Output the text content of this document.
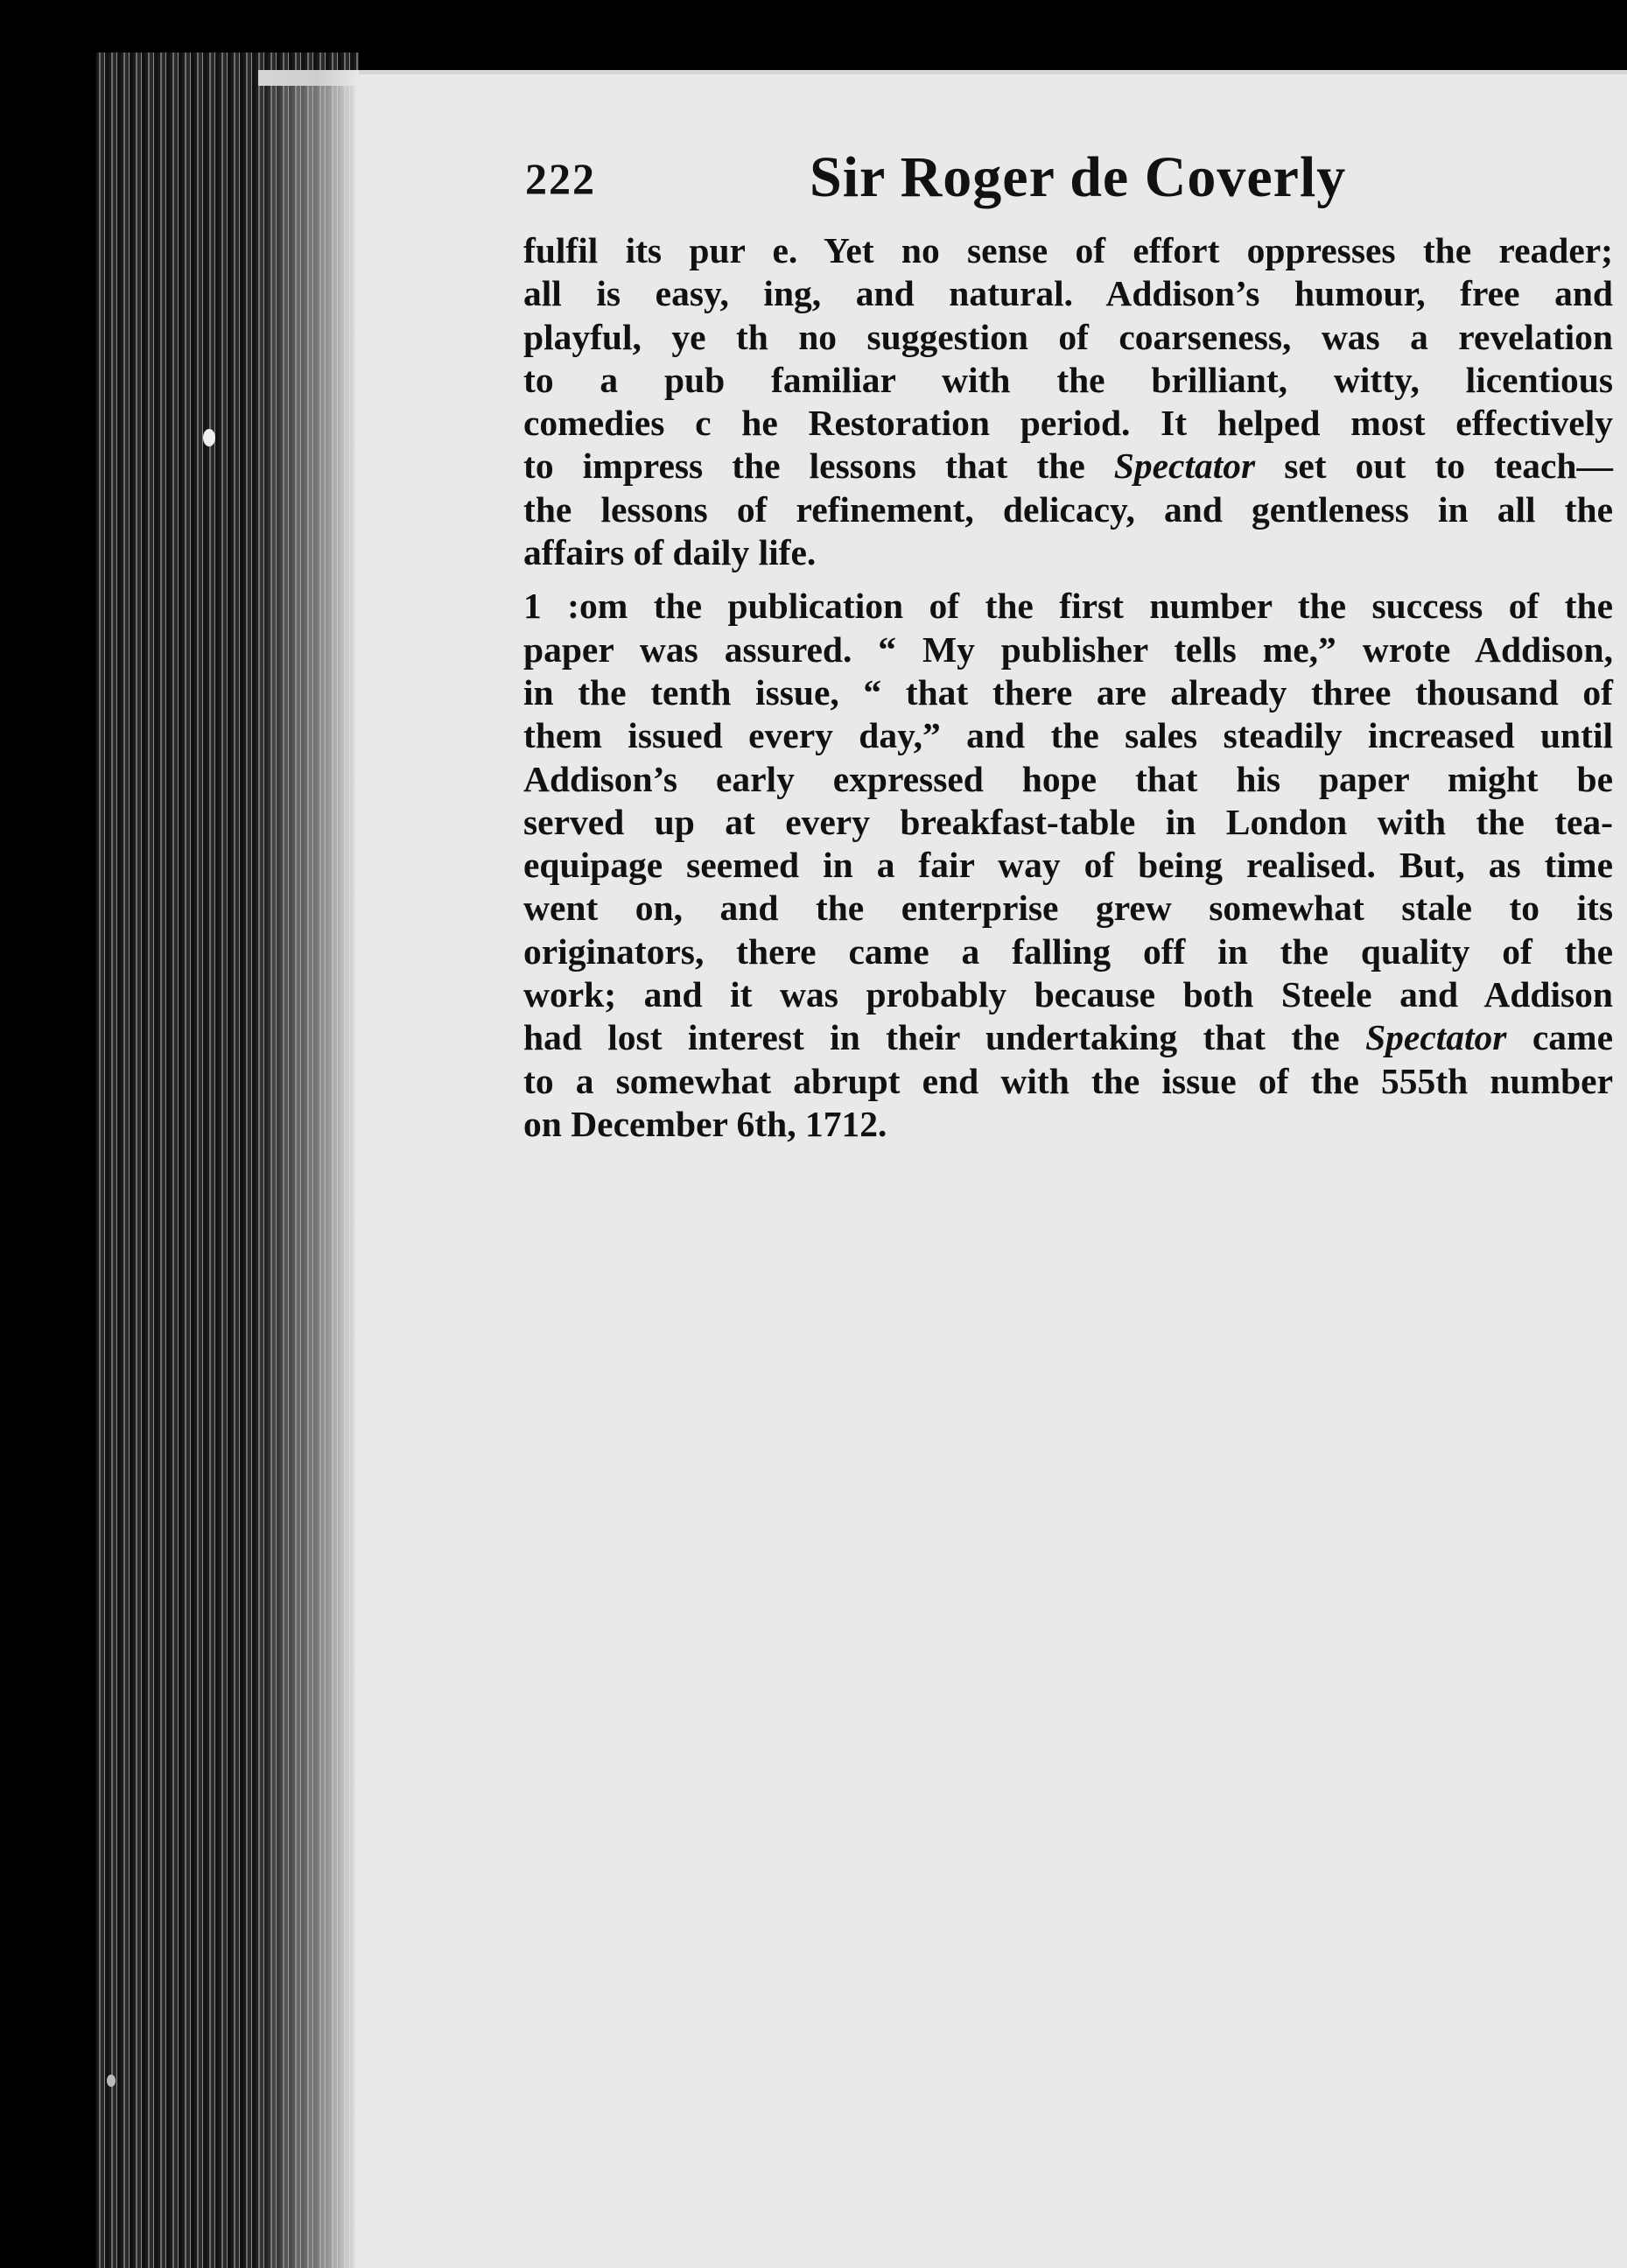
222	Sir Roger de Coverly

fulfil its pur e. Yet no sense of effort oppresses the reader;
all is easy, ing, and natural. Addison’s humour, free and
playful, ye th no suggestion of coarseness, was a revelation
to a pub familiar with the brilliant, witty, licentious
comedies c he Restoration period. It helped most effectively
to impress the lessons that the Spectator set out to teach—
the lessons of refinement, delicacy, and gentleness in all the
affairs of daily life.

1 :om the publication of the first number the success of the
paper was assured. “ My publisher tells me,” wrote Addison,
in the tenth issue, “ that there are already three thousand of
them issued every day,” and the sales steadily increased until
Addison’s early expressed hope that his paper might be
served up at every breakfast-table in London with the tea-
equipage seemed in a fair way of being realised. But, as time
went on, and the enterprise grew somewhat stale to its
originators, there came a falling off in the quality of the
work; and it was probably because both Steele and Addison
had lost interest in their undertaking that the Spectator came
to a somewhat abrupt end with the issue of the 555th number
on December 6th, 1712.
